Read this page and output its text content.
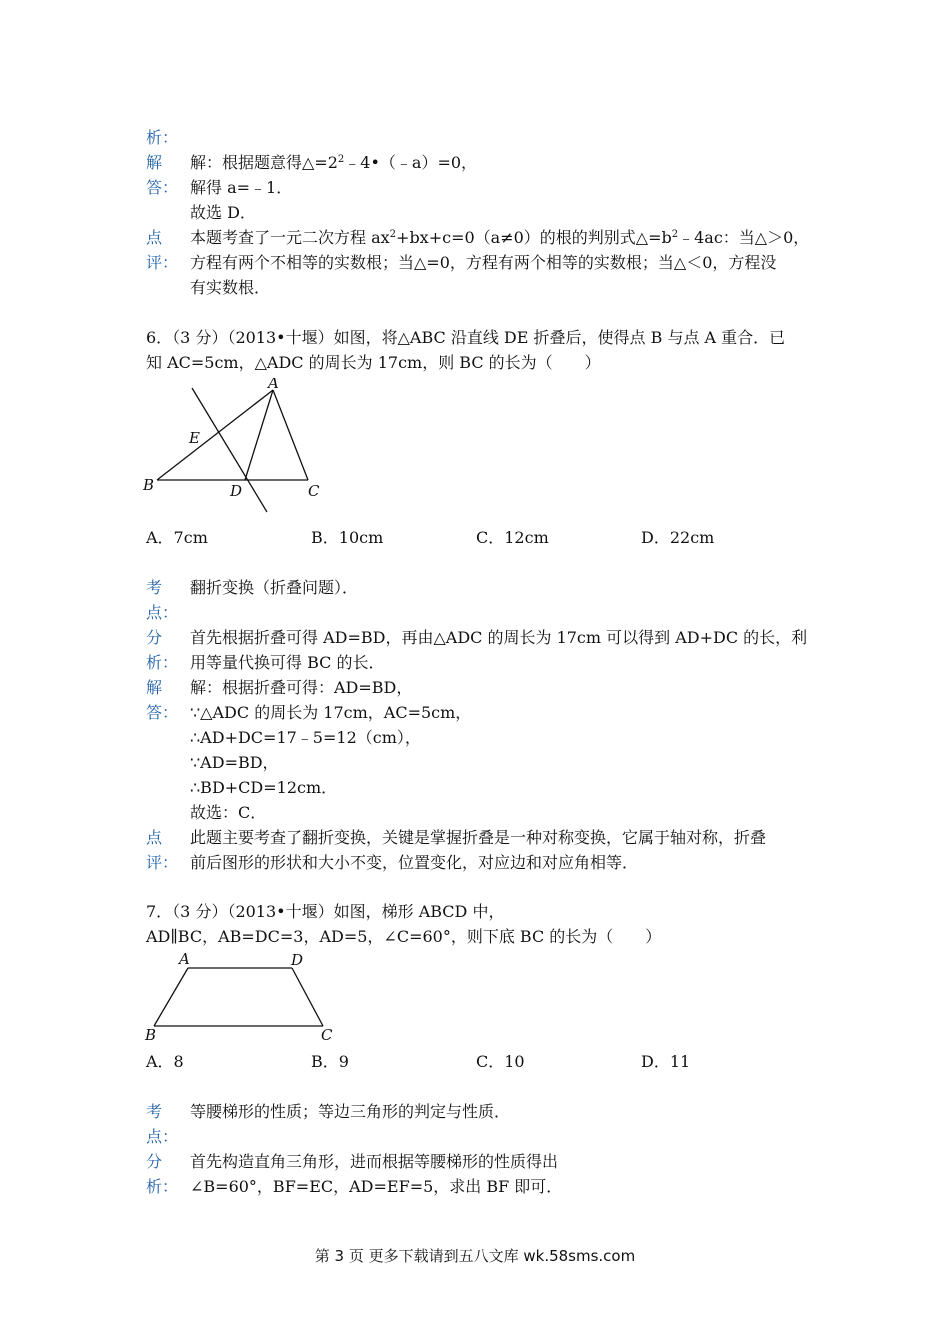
析：
解 解：根据题意得$\triangle=2^2﹣4•(﹣a)=0$，
答： 解得 a=﹣1．
故选 D．
点 本题考查了一元二次方程 $ax^2+bx+c=0(a\ne 0)$的根的判别式$\triangle=b^2﹣4ac$：当△＞0，
评： 方程有两个不相等的实数根；当△=0，方程有两个相等的实数根；当△＜0，方程没
有实数根．
6．（3 分）（2013•十堰）如图，将△ABC 沿直线 DE 折叠后，使得点 B 与点 A 重合．已
知 AC=5cm，△ADC 的周长为 17cm，则 BC 的长为（　　）
A
B	C
D
E
A．7cm	B．10cm	C．12cm	D．22cm
考 翻折变换（折叠问题）．
点：
分 首先根据折叠可得 AD=BD，再由△ADC 的周长为 17cm 可以得到 AD+DC 的长，利
析： 用等量代换可得 BC 的长．
解 解：根据折叠可得：AD=BD，
答： ∵△ADC 的周长为 17cm，AC=5cm，
∴AD+DC=17﹣5=12（cm），
∵AD=BD，
∴BD+CD=12cm．
故选：C．
点 此题主要考查了翻折变换，关键是掌握折叠是一种对称变换，它属于轴对称，折叠
评： 前后图形的形状和大小不变，位置变化，对应边和对应角相等．
7．（3 分）（2013•十堰）如图，梯形 ABCD 中，
AD∥BC，AB=DC=3，AD=5，∠C=60°，则下底 BC 的长为（　　）
A	D
B	C
A．8	B．9	C．10	D．11
考 等腰梯形的性质；等边三角形的判定与性质．
点：
分 首先构造直角三角形，进而根据等腰梯形的性质得出
析： ∠B=60°，BF=EC，AD=EF=5，求出 BF 即可．
第 3 页 更多下载请到五八文库 wk.58sms.com
